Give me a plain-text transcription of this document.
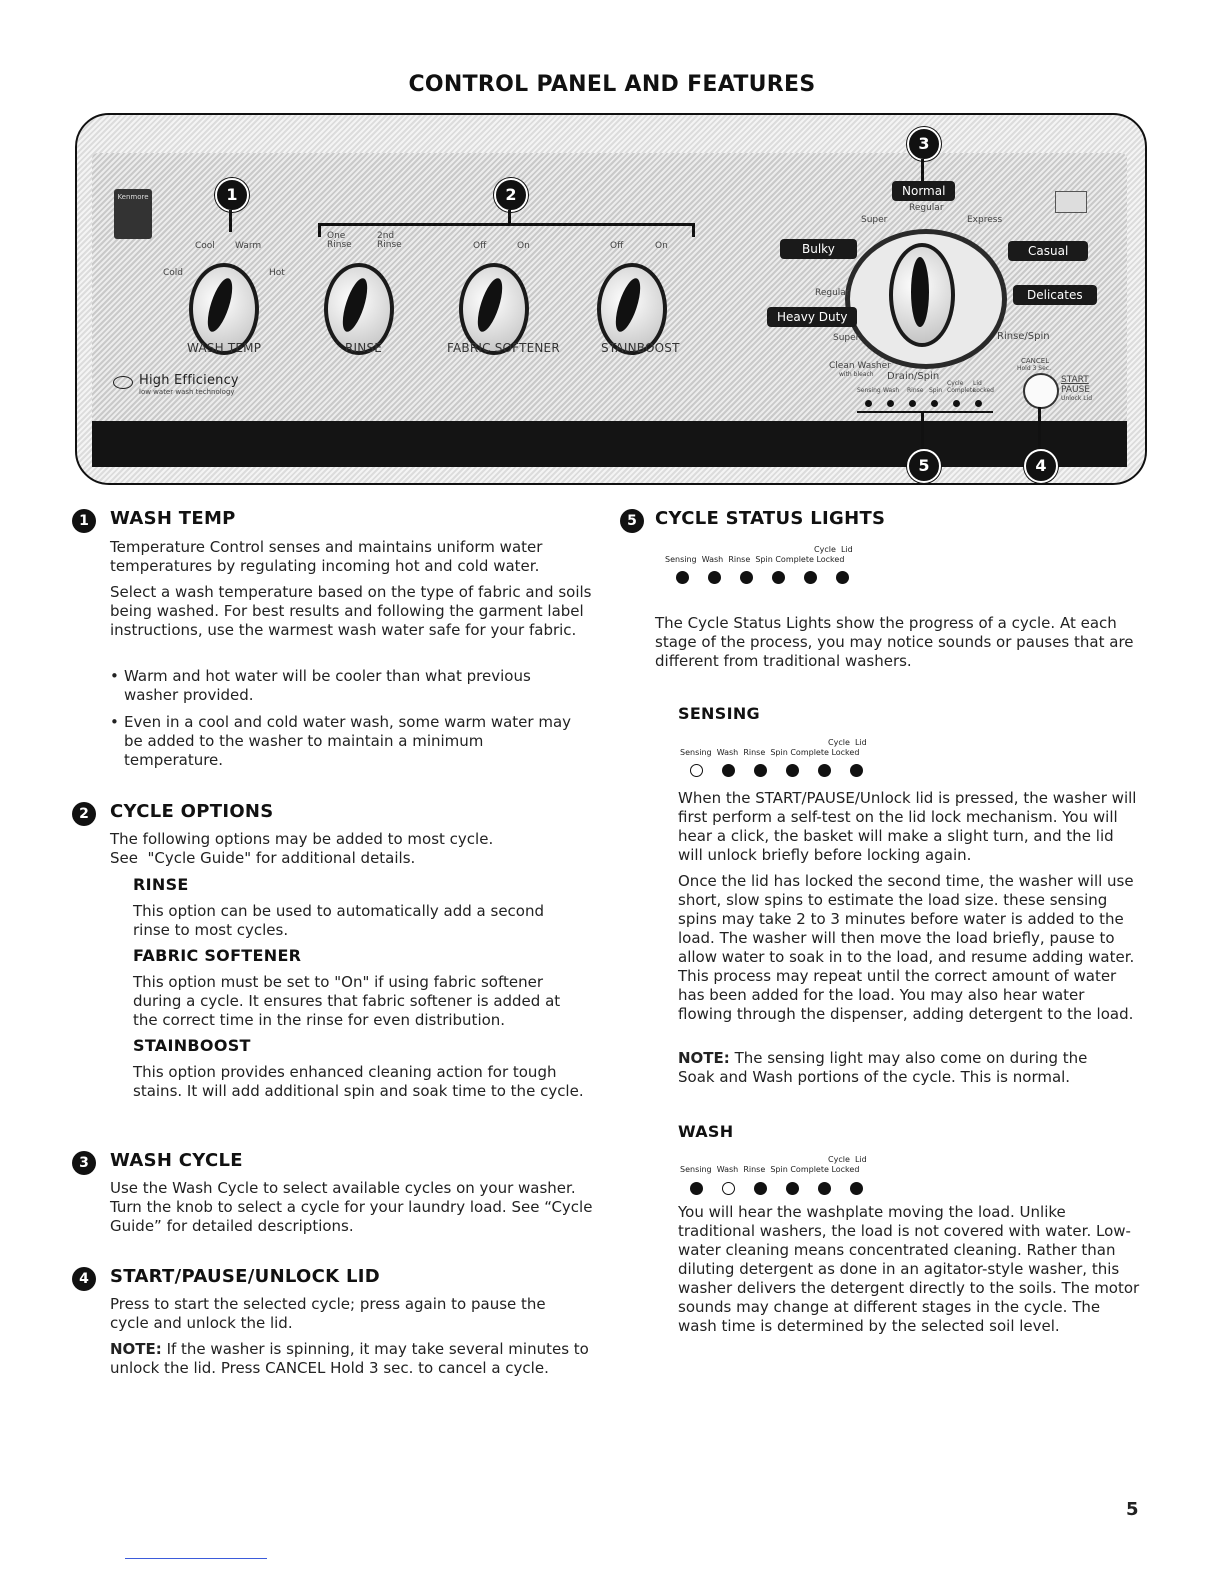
CONTROL PANEL AND FEATURES
Kenmore	1	2
Cool Warm
Cold	Hot
WASH TEMP
One Rinse
2nd Rinse
RINSE
Off	On
FABRIC SOFTENER
Off	On
STAINBOOST
High Efficiency
low water wash technology
3
Normal
Regular
Super	Express
Bulky	Casual
Regular	Delicates
Heavy Duty
Super	Rinse/Spin
Clean Washer
with bleach Drain/Spin
Sensing Wash Rinse Spin
Cycle Complete
Lid Locked
CANCEL
Hold 3 Sec.
START
PAUSE
Unlock Lid
5	4
1	WASH TEMP
Temperature Control senses and maintains uniform water temperatures by regulating incoming hot and cold water.
Select a wash temperature based on the type of fabric and soils being washed. For best results and following the garment label instructions, use the warmest wash water safe for your fabric.
• Warm and hot water will be cooler than what previous washer provided.
• Even in a cool and cold water wash, some warm water may be added to the washer to maintain a minimum temperature.
2	CYCLE OPTIONS
The following options may be added to most cycle.
See  "Cycle Guide" for additional details.
RINSE
This option can be used to automatically add a second rinse to most cycles.
FABRIC SOFTENER
This option must be set to "On" if using fabric softener during a cycle. It ensures that fabric softener is added at the correct time in the rinse for even distribution.
STAINBOOST
This option provides enhanced cleaning action for tough stains. It will add additional spin and soak time to the cycle.
3	WASH CYCLE
Use the Wash Cycle to select available cycles on your washer. Turn the knob to select a cycle for your laundry load. See “Cycle Guide” for detailed descriptions.
4	START/PAUSE/UNLOCK LID
Press to start the selected cycle; press again to pause the cycle and unlock the lid.
NOTE: If the washer is spinning, it may take several minutes to unlock the lid. Press CANCEL Hold 3 sec. to cancel a cycle.
5	CYCLE STATUS LIGHTS
Cycle  Lid
Sensing  Wash  Rinse  Spin Complete Locked
The Cycle Status Lights show the progress of a cycle. At each stage of the process, you may notice sounds or pauses that are different from traditional washers.
SENSING
Cycle  Lid
Sensing  Wash  Rinse  Spin Complete Locked
When the START/PAUSE/Unlock lid is pressed, the washer will first perform a self-test on the lid lock mechanism. You will hear a click, the basket will make a slight turn, and the lid will unlock briefly before locking again.
Once the lid has locked the second time, the washer will use short, slow spins to estimate the load size. these sensing spins may take 2 to 3 minutes before water is added to the load. The washer will then move the load briefly, pause to allow water to soak in to the load, and resume adding water. This process may repeat until the correct amount of water has been added for the load. You may also hear water flowing through the dispenser, adding detergent to the load.
NOTE: The sensing light may also come on during the Soak and Wash portions of the cycle. This is normal.
WASH
Cycle  Lid
Sensing  Wash  Rinse  Spin Complete Locked
You will hear the washplate moving the load. Unlike traditional washers, the load is not covered with water. Low-water cleaning means concentrated cleaning. Rather than diluting detergent as done in an agitator-style washer, this washer delivers the detergent directly to the soils. The motor sounds may change at different stages in the cycle. The wash time is determined by the selected soil level.
5
